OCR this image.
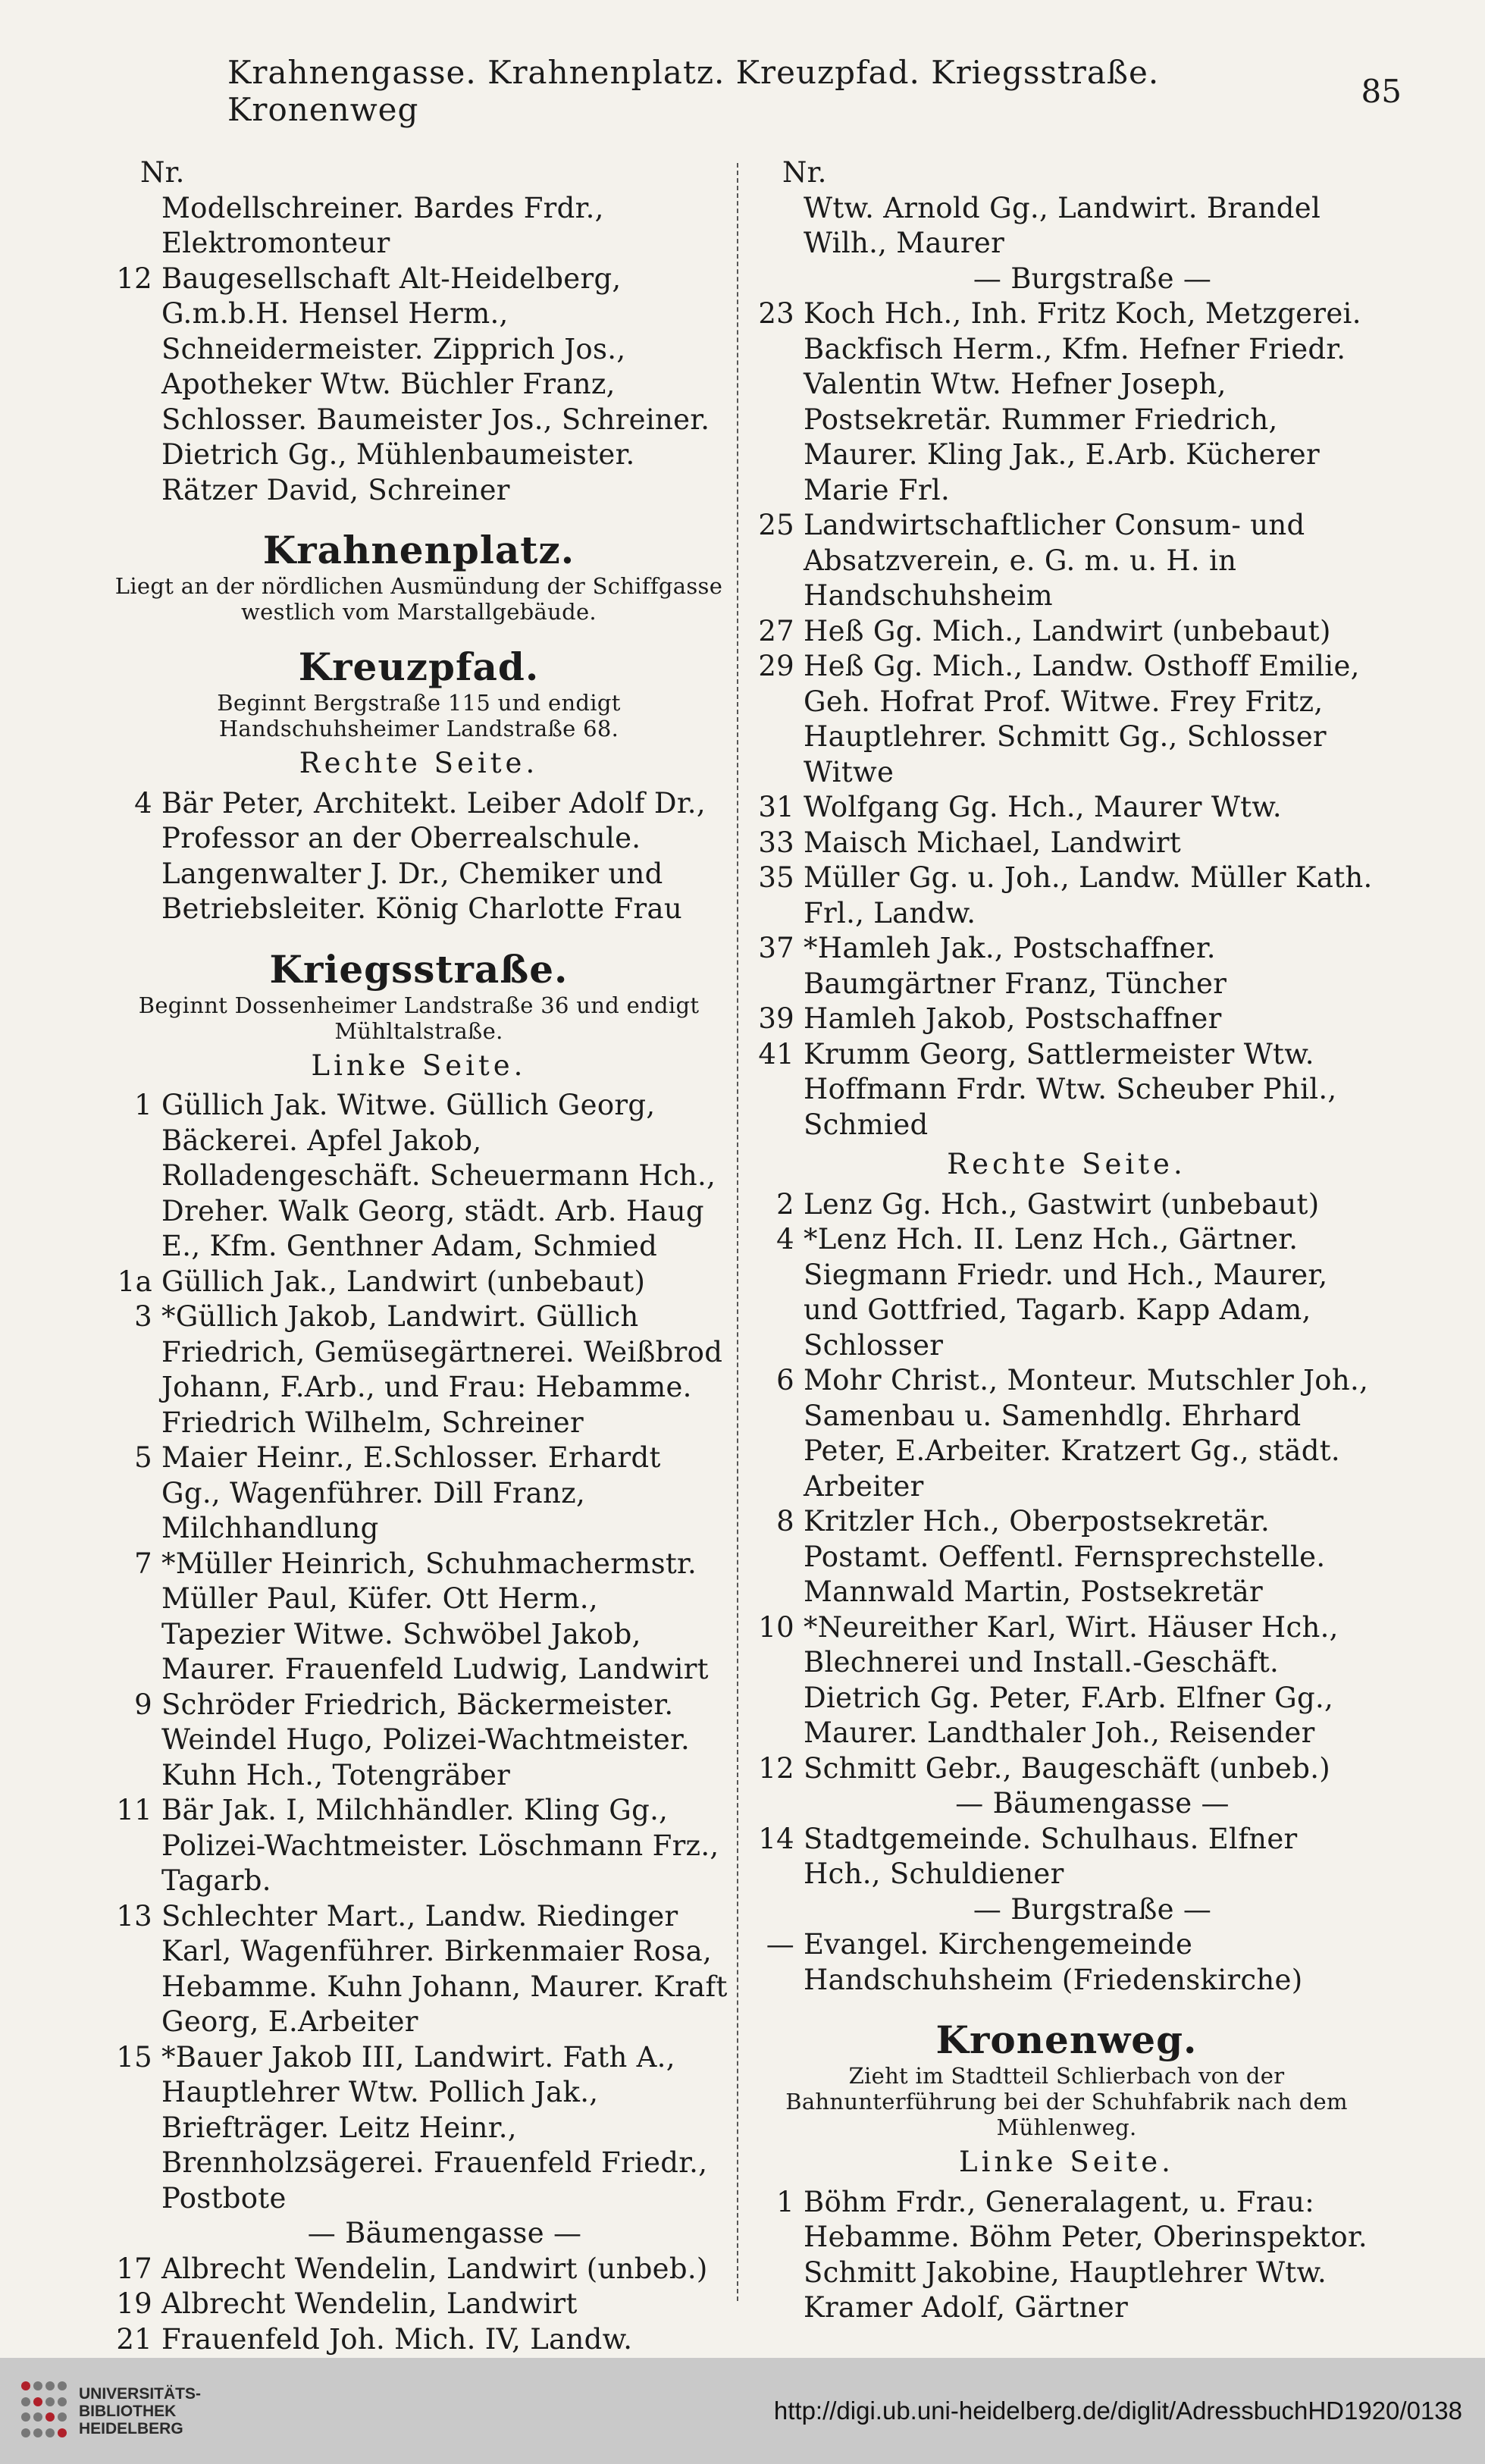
Krahnengasse. Krahnenplatz. Kreuzpfad. Kriegsstraße. Kronenweg	85
Nr.
Modellschreiner. Bardes Frdr., Elektromonteur
12 Baugesellschaft Alt-Heidelberg, G.m.b.H. Hensel Herm., Schneidermeister. Zipprich Jos., Apotheker Wtw. Büchler Franz, Schlosser. Baumeister Jos., Schreiner. Dietrich Gg., Mühlenbaumeister. Rätzer David, Schreiner
Krahnenplatz.
Liegt an der nördlichen Ausmündung der Schiffgasse westlich vom Marstallgebäude.
Kreuzpfad.
Beginnt Bergstraße 115 und endigt Handschuhsheimer Landstraße 68.
Rechte Seite.
4 Bär Peter, Architekt. Leiber Adolf Dr., Professor an der Oberrealschule. Langenwalter J. Dr., Chemiker und Betriebsleiter. König Charlotte Frau
Kriegsstraße.
Beginnt Dossenheimer Landstraße 36 und endigt Mühltalstraße.
Linke Seite.
1 Güllich Jak. Witwe. Güllich Georg, Bäckerei. Apfel Jakob, Rolladengeschäft. Scheuermann Hch., Dreher. Walk Georg, städt. Arb. Haug E., Kfm. Genthner Adam, Schmied
1a Güllich Jak., Landwirt (unbebaut)
3 *Güllich Jakob, Landwirt. Güllich Friedrich, Gemüsegärtnerei. Weißbrod Johann, F.Arb., und Frau: Hebamme. Friedrich Wilhelm, Schreiner
5 Maier Heinr., E.Schlosser. Erhardt Gg., Wagenführer. Dill Franz, Milchhandlung
7 *Müller Heinrich, Schuhmachermstr. Müller Paul, Küfer. Ott Herm., Tapezier Witwe. Schwöbel Jakob, Maurer. Frauenfeld Ludwig, Landwirt
9 Schröder Friedrich, Bäckermeister. Weindel Hugo, Polizei-Wachtmeister. Kuhn Hch., Totengräber
11 Bär Jak. I, Milchhändler. Kling Gg., Polizei-Wachtmeister. Löschmann Frz., Tagarb.
13 Schlechter Mart., Landw. Riedinger Karl, Wagenführer. Birkenmaier Rosa, Hebamme. Kuhn Johann, Maurer. Kraft Georg, E.Arbeiter
15 *Bauer Jakob III, Landwirt. Fath A., Hauptlehrer Wtw. Pollich Jak., Briefträger. Leitz Heinr., Brennholzsägerei. Frauenfeld Friedr., Postbote
— Bäumengasse —
17 Albrecht Wendelin, Landwirt (unbeb.)
19 Albrecht Wendelin, Landwirt
21 Frauenfeld Joh. Mich. IV, Landw.
Nr.
Wtw. Arnold Gg., Landwirt. Brandel Wilh., Maurer
— Burgstraße —
23 Koch Hch., Inh. Fritz Koch, Metzgerei. Backfisch Herm., Kfm. Hefner Friedr. Valentin Wtw. Hefner Joseph, Postsekretär. Rummer Friedrich, Maurer. Kling Jak., E.Arb. Kücherer Marie Frl.
25 Landwirtschaftlicher Consum- und Absatzverein, e. G. m. u. H. in Handschuhsheim
27 Heß Gg. Mich., Landwirt (unbebaut)
29 Heß Gg. Mich., Landw. Osthoff Emilie, Geh. Hofrat Prof. Witwe. Frey Fritz, Hauptlehrer. Schmitt Gg., Schlosser Witwe
31 Wolfgang Gg. Hch., Maurer Wtw.
33 Maisch Michael, Landwirt
35 Müller Gg. u. Joh., Landw. Müller Kath. Frl., Landw.
37 *Hamleh Jak., Postschaffner. Baumgärtner Franz, Tüncher
39 Hamleh Jakob, Postschaffner
41 Krumm Georg, Sattlermeister Wtw. Hoffmann Frdr. Wtw. Scheuber Phil., Schmied
Rechte Seite.
2 Lenz Gg. Hch., Gastwirt (unbebaut)
4 *Lenz Hch. II. Lenz Hch., Gärtner. Siegmann Friedr. und Hch., Maurer, und Gottfried, Tagarb. Kapp Adam, Schlosser
6 Mohr Christ., Monteur. Mutschler Joh., Samenbau u. Samenhdlg. Ehrhard Peter, E.Arbeiter. Kratzert Gg., städt. Arbeiter
8 Kritzler Hch., Oberpostsekretär. Postamt. Oeffentl. Fernsprechstelle. Mannwald Martin, Postsekretär
10 *Neureither Karl, Wirt. Häuser Hch., Blechnerei und Install.-Geschäft. Dietrich Gg. Peter, F.Arb. Elfner Gg., Maurer. Landthaler Joh., Reisender
12 Schmitt Gebr., Baugeschäft (unbeb.)
— Bäumengasse —
14 Stadtgemeinde. Schulhaus. Elfner Hch., Schuldiener
— Burgstraße —
— Evangel. Kirchengemeinde Handschuhsheim (Friedenskirche)
Kronenweg.
Zieht im Stadtteil Schlierbach von der Bahnunterführung bei der Schuhfabrik nach dem Mühlenweg.
Linke Seite.
1 Böhm Frdr., Generalagent, u. Frau: Hebamme. Böhm Peter, Oberinspektor. Schmitt Jakobine, Hauptlehrer Wtw. Kramer Adolf, Gärtner
UNIVERSITÄTS-
BIBLIOTHEK
HEIDELBERG
http://digi.ub.uni-heidelberg.de/diglit/AdressbuchHD1920/0138
